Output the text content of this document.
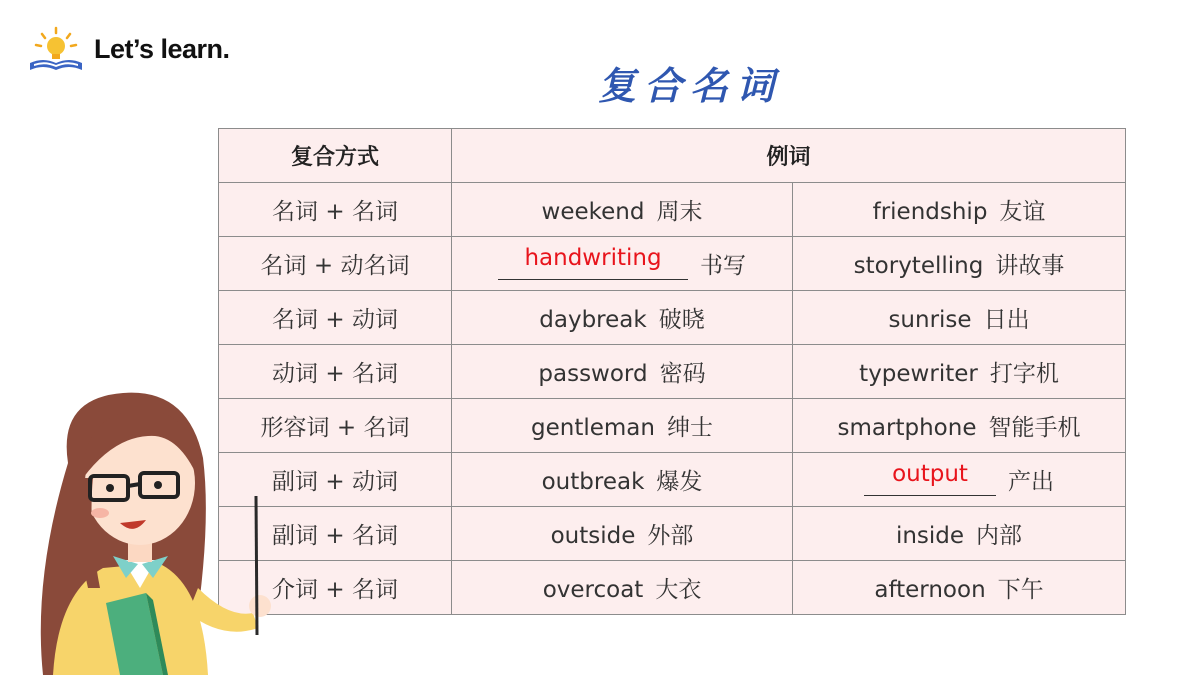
Let’s learn.
复合名词
复合方式	例词	
名词 + 名词	weekend 周末	friendship 友谊
名词 + 动名词	handwriting 书写	storytelling 讲故事
名词 + 动词	daybreak 破晓	sunrise 日出
动词 + 名词	password 密码	typewriter 打字机
形容词 + 名词	gentleman 绅士	smartphone 智能手机
副词 + 动词	outbreak 爆发	output 产出
副词 + 名词	outside 外部	inside 内部
介词 + 名词	overcoat 大衣	afternoon 下午
